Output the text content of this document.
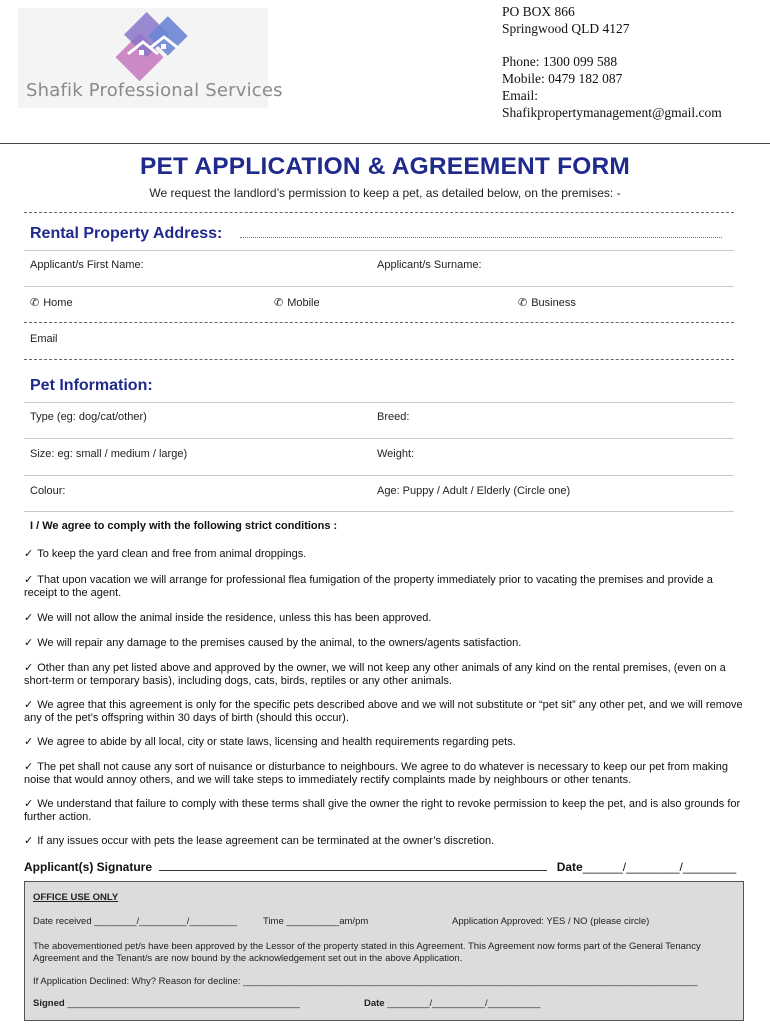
Shafik Professional Services
PO BOX 866
Springwood QLD 4127
Phone: 1300 099 588
Mobile: 0479 182 087
Email:
Shafikpropertymanagement@gmail.com
PET APPLICATION & AGREEMENT FORM
We request the landlord’s permission to keep a pet, as detailed below, on the premises: -
Rental Property Address:
Applicant/s First Name:	Applicant/s Surname:
✆ Home	✆ Mobile	✆ Business
Email
Pet Information:
Type (eg: dog/cat/other)	Breed:
Size: eg: small / medium / large)	Weight:
Colour:	Age: Puppy / Adult / Elderly (Circle one)
I / We agree to comply with the following strict conditions :
✓ To keep the yard clean and free from animal droppings.
✓ That upon vacation we will arrange for professional flea fumigation of the property immediately prior to vacating the premises and provide a receipt to the agent.
✓ We will not allow the animal inside the residence, unless this has been approved.
✓ We will repair any damage to the premises caused by the animal, to the owners/agents satisfaction.
✓ Other than any pet listed above and approved by the owner, we will not keep any other animals of any kind on the rental premises, (even on a short-term or temporary basis), including dogs, cats, birds, reptiles or any other animals.
✓ We agree that this agreement is only for the specific pets described above and we will not substitute or “pet sit” any other pet, and we will remove any of the pet’s offspring within 30 days of birth (should this occur).
✓ We agree to abide by all local, city or state laws, licensing and health requirements regarding pets.
✓ The pet shall not cause any sort of nuisance or disturbance to neighbours. We agree to do whatever is necessary to keep our pet from making noise that would annoy others, and we will take steps to immediately rectify complaints made by neighbours or other tenants.
✓ We understand that failure to comply with these terms shall give the owner the right to revoke permission to keep the pet, and is also grounds for further action.
✓ If any issues occur with pets the lease agreement can be terminated at the owner’s discretion.
Applicant(s) Signature	Date______/________/________
OFFICE USE ONLY
Date received ________/_________/_________	Time __________am/pm	Application Approved: YES / NO (please circle)
The abovementioned pet/s have been approved by the Lessor of the property stated in this Agreement. This Agreement now forms part of the General Tenancy Agreement and the Tenant/s are now bound by the acknowledgement set out in the above Application.
If Application Declined: Why? Reason for decline: ______________________________________________________________________________________
Signed ____________________________________________	Date ________/__________/__________
